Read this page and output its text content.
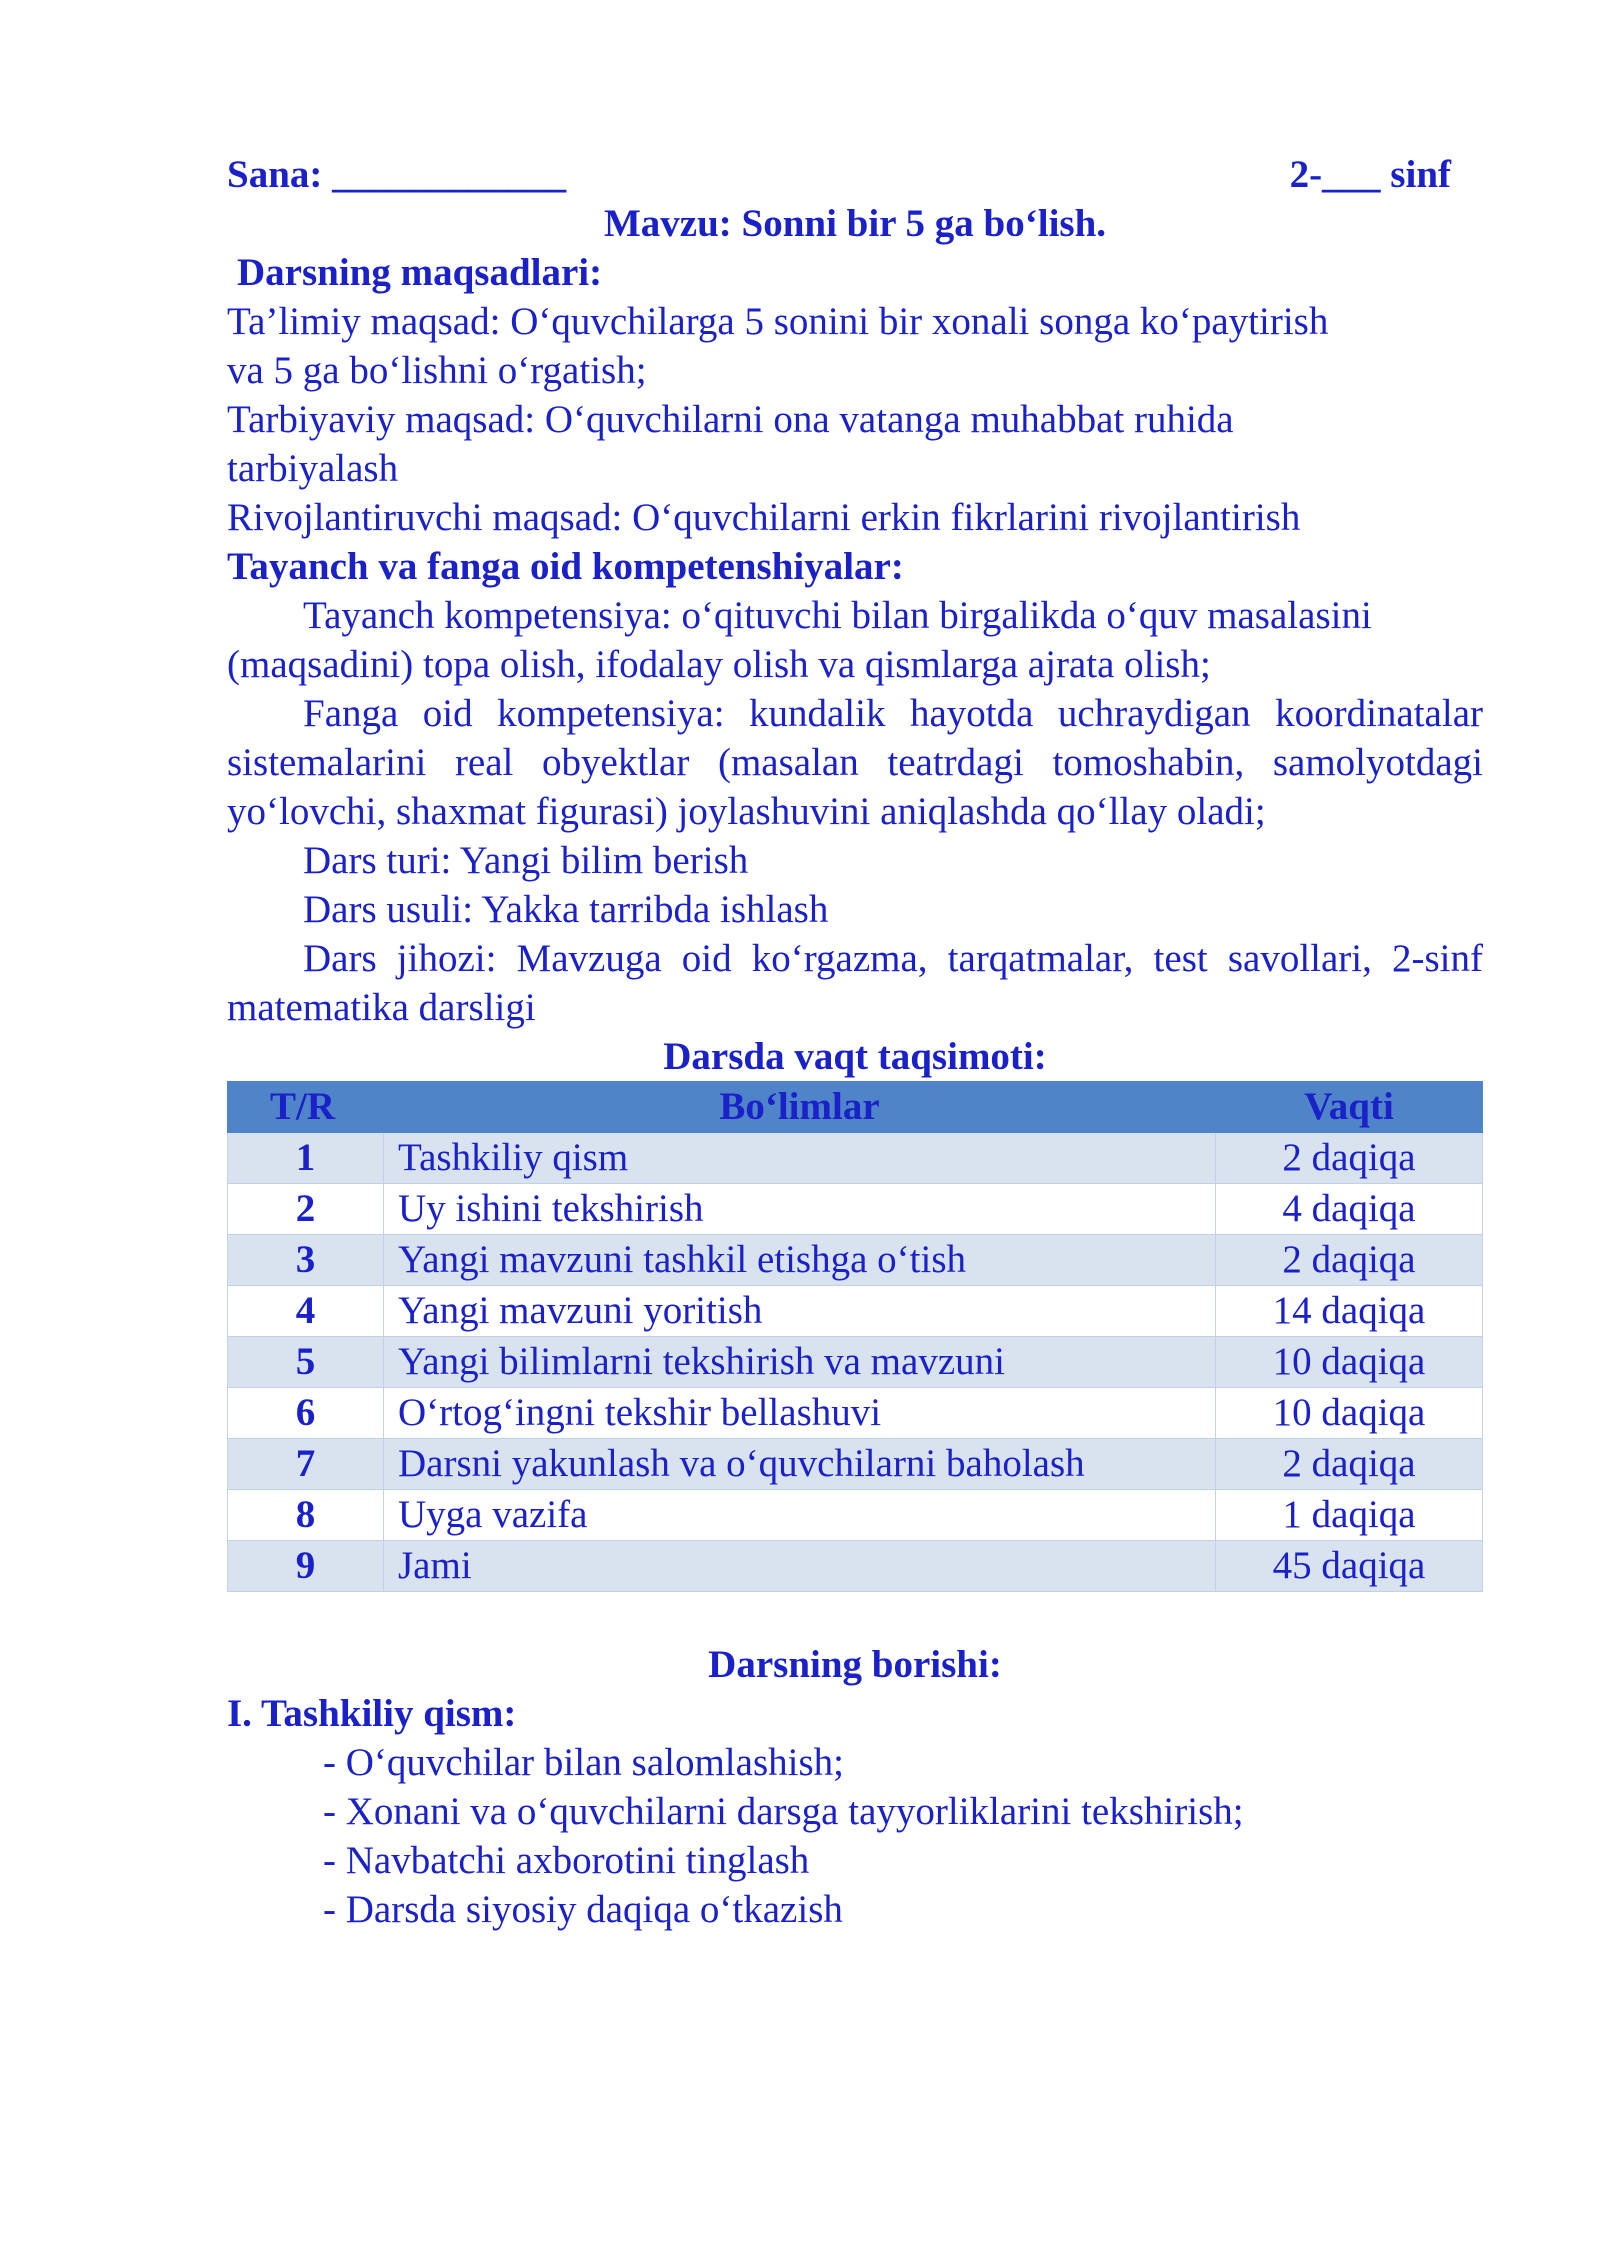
Sana: ____________	2-___ sinf
Mavzu: Sonni bir 5 ga bo‘lish.
Darsning maqsadlari:
Ta’limiy maqsad: O‘quvchilarga 5 sonini bir xonali songa ko‘paytirish
va 5 ga bo‘lishni o‘rgatish;
Tarbiyaviy maqsad: O‘quvchilarni ona vatanga muhabbat ruhida
tarbiyalash
Rivojlantiruvchi maqsad: O‘quvchilarni erkin fikrlarini rivojlantirish
Tayanch va fanga oid kompetenshiyalar:

Tayanch kompetensiya: o‘qituvchi bilan birgalikda o‘quv masalasini (maqsadini) topa olish, ifodalay olish va qismlarga ajrata olish;

Fanga oid kompetensiya: kundalik hayotda uchraydigan koordinatalar sistemalarini real obyektlar (masalan teatrdagi tomoshabin, samolyotdagi yo‘lovchi, shaxmat figurasi) joylashuvini aniqlashda qo‘llay oladi;

Dars turi: Yangi bilim berish
Dars usuli: Yakka tarribda ishlash

Dars jihozi: Mavzuga oid ko‘rgazma, tarqatmalar, test savollari, 2-sinf matematika darsligi

Darsda vaqt taqsimoti:
T/R	Bo‘limlar	Vaqti
1	Tashkiliy qism	2 daqiqa
2	Uy ishini tekshirish	4 daqiqa
3	Yangi mavzuni tashkil etishga o‘tish	2 daqiqa
4	Yangi mavzuni yoritish	14 daqiqa
5	Yangi bilimlarni tekshirish va mavzuni	10 daqiqa
6	O‘rtog‘ingni tekshir bellashuvi	10 daqiqa
7	Darsni yakunlash va o‘quvchilarni baholash	2 daqiqa
8	Uyga vazifa	1 daqiqa
9	Jami	45 daqiqa
Darsning borishi:
I. Tashkiliy qism:
- O‘quvchilar bilan salomlashish;
- Xonani va o‘quvchilarni darsga tayyorliklarini tekshirish;
- Navbatchi axborotini tinglash
- Darsda siyosiy daqiqa o‘tkazish
